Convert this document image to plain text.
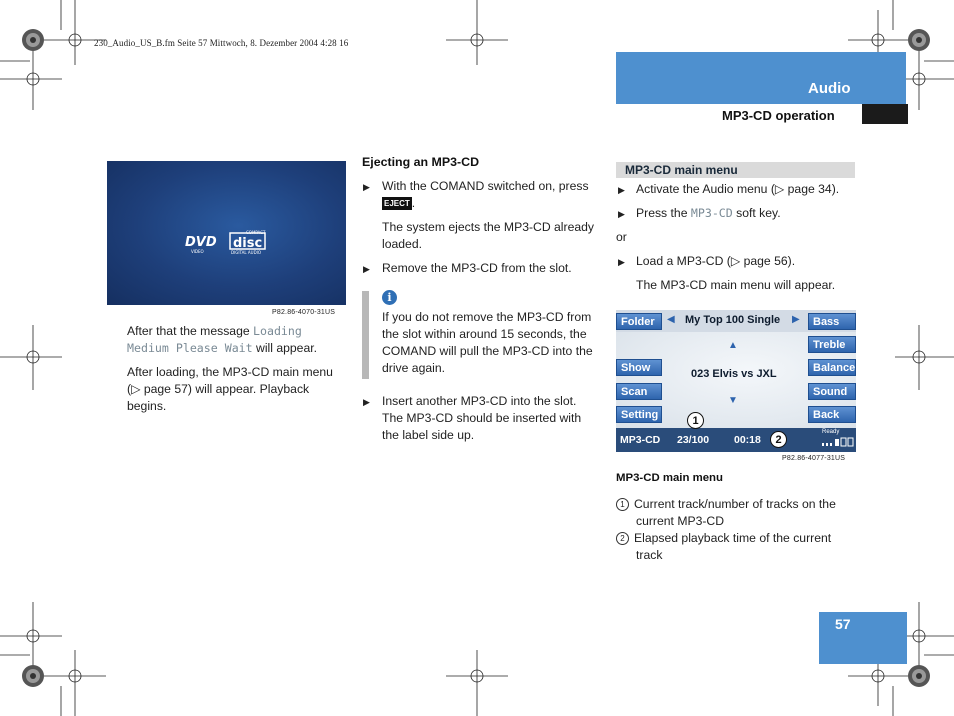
230_Audio_US_B.fm Seite 57 Mittwoch, 8. Dezember 2004 4:28 16
Audio
MP3-CD operation
DVD disc
COMPACT
VIDEO	DIGITAL AUDIO
P82.86-4070-31US
After that the message Loading
Medium Please Wait will appear.
After loading, the MP3-CD main menu
(▷ page 57) will appear. Playback
begins.
Ejecting an MP3-CD
▶ With the COMAND switched on, press
EJECT .
The system ejects the MP3-CD already
loaded.
▶ Remove the MP3-CD from the slot.
i
If you do not remove the MP3-CD from
the slot within around 15 seconds, the
COMAND will pull the MP3-CD into the
drive again.
▶ Insert another MP3-CD into the slot.
The MP3-CD should be inserted with
the label side up.
MP3-CD main menu
▶ Activate the Audio menu (▷ page 34).
▶ Press the MP3-CD soft key.
or
▶ Load a MP3-CD (▷ page 56).
The MP3-CD main menu will appear.
Folder	◀ My Top 100 Single ▶
▲
023 Elvis vs JXL
▼
Show
Scan
Setting
Bass
Treble
Balance
Sound
Back
1
MP3-CD 23/100 00:18	2
Ready
P82.86-4077-31US
MP3-CD main menu
1 Current track/number of tracks on the
current MP3-CD
2 Elapsed playback time of the current
track
57
